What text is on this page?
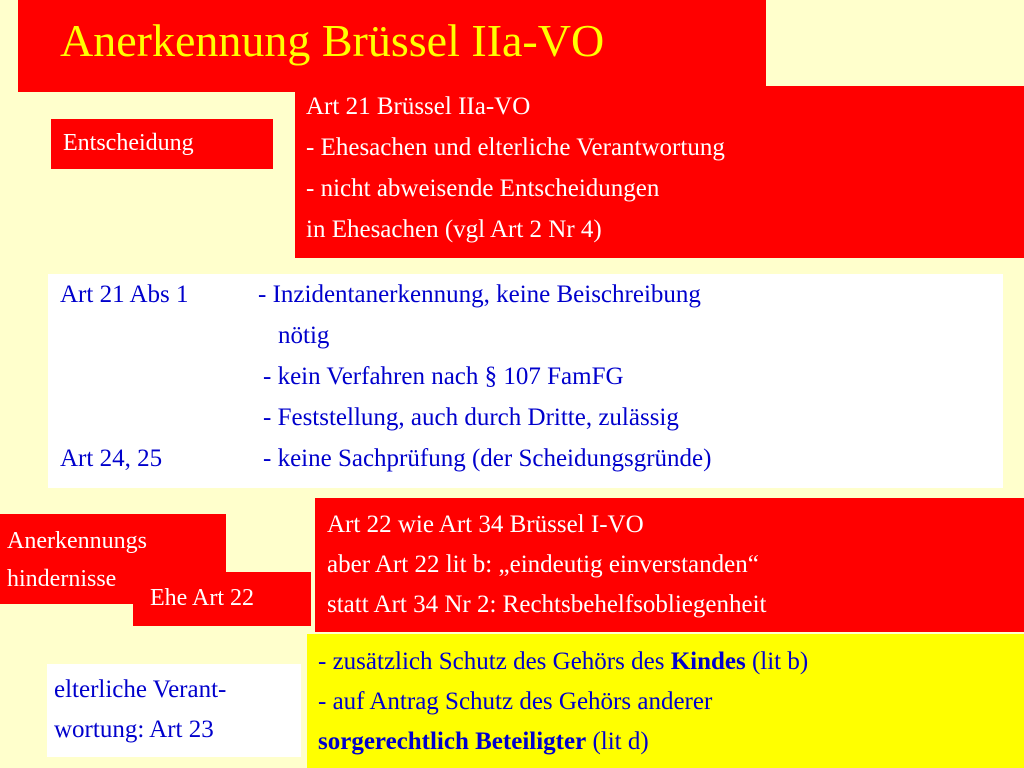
Anerkennung Brüssel IIa-VO
Entscheidung
Art 21 Brüssel IIa-VO
- Ehesachen und elterliche Verantwortung
- nicht abweisende Entscheidungen
in Ehesachen (vgl Art 2 Nr 4)
Art 21 Abs 1	- Inzidentanerkennung, keine Beischreibung
nötig
- kein Verfahren nach § 107 FamFG
- Feststellung, auch durch Dritte, zulässig
Art 24, 25	- keine Sachprüfung (der Scheidungsgründe)
Anerkennungs
hindernisse
Ehe Art 22
Art 22 wie Art 34 Brüssel I-VO
aber Art 22 lit b: „eindeutig einverstanden“
statt Art 34 Nr 2: Rechtsbehelfsobliegenheit
elterliche Verant-
wortung: Art 23
- zusätzlich Schutz des Gehörs des Kindes (lit b)
- auf Antrag Schutz des Gehörs anderer
sorgerechtlich Beteiligter (lit d)
